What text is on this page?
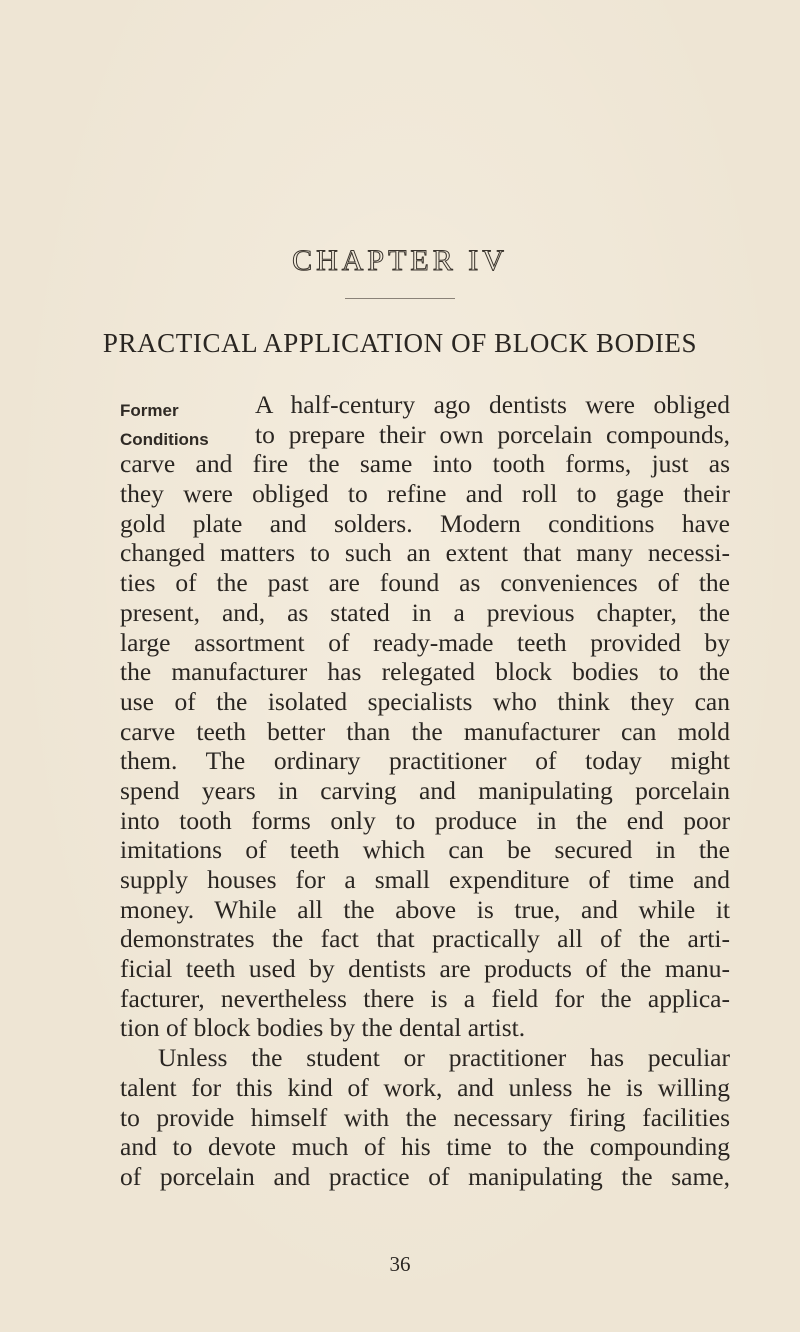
CHAPTER IV
PRACTICAL APPLICATION OF BLOCK BODIES
Former
Conditions
A half-century ago dentists were obliged
to prepare their own porcelain compounds,
carve and fire the same into tooth forms, just as
they were obliged to refine and roll to gage their
gold plate and solders. Modern conditions have
changed matters to such an extent that many necessi-
ties of the past are found as conveniences of the
present, and, as stated in a previous chapter, the
large assortment of ready-made teeth provided by
the manufacturer has relegated block bodies to the
use of the isolated specialists who think they can
carve teeth better than the manufacturer can mold
them. The ordinary practitioner of today might
spend years in carving and manipulating porcelain
into tooth forms only to produce in the end poor
imitations of teeth which can be secured in the
supply houses for a small expenditure of time and
money. While all the above is true, and while it
demonstrates the fact that practically all of the arti-
ficial teeth used by dentists are products of the manu-
facturer, nevertheless there is a field for the applica-
tion of block bodies by the dental artist.
Unless the student or practitioner has peculiar
talent for this kind of work, and unless he is willing
to provide himself with the necessary firing facilities
and to devote much of his time to the compounding
of porcelain and practice of manipulating the same,
36
